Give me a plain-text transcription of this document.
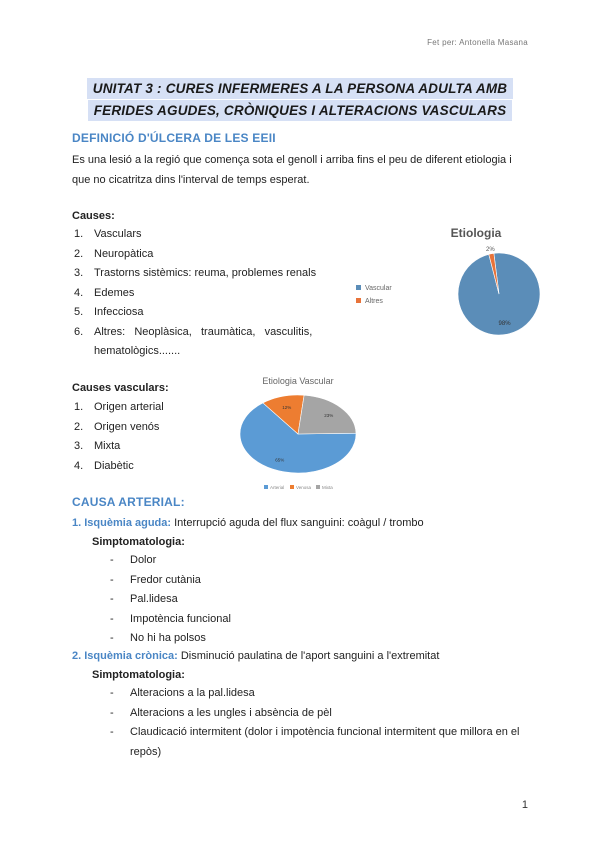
Fet per: Antonella Masana
UNITAT 3 : CURES INFERMERES A LA PERSONA ADULTA AMB
FERIDES AGUDES, CRÒNIQUES I ALTERACIONS VASCULARS
DEFINICIÓ D'ÚLCERA DE LES EEII
Es una lesió a la regió que comença sota el genoll i arriba fins el peu de diferent etiologia i
que no cicatritza dins l'interval de temps esperat.
Causes:
1. Vasculars
2. Neuropàtica
3. Trastorns sistèmics: reuma, problemes renals
4. Edemes
5. Infecciosa
6. Altres:   Neoplàsica,   traumàtica,   vasculitis,
hematològics.......
Etiologia
98%
2%
Vascular
Altres
Causes vasculars:
1. Origen arterial
2. Origen venós
3. Mixta
4. Diabètic
Etiologia Vascular
65%
12%
23%
Arterial	Venosa Mixta
CAUSA ARTERIAL:
1. Isquèmia aguda: Interrupció aguda del flux sanguini: coàgul / trombo
Simptomatologia:
- Dolor
- Fredor cutània
- Pal.lidesa
- Impotència funcional
- No hi ha polsos
2. Isquèmia crònica: Disminució paulatina de l'aport sanguini a l'extremitat
Simptomatologia:
- Alteracions a la pal.lidesa
- Alteracions a les ungles i absència de pèl
- Claudicació intermitent (dolor i impotència funcional intermitent que millora en el
repòs)
1
